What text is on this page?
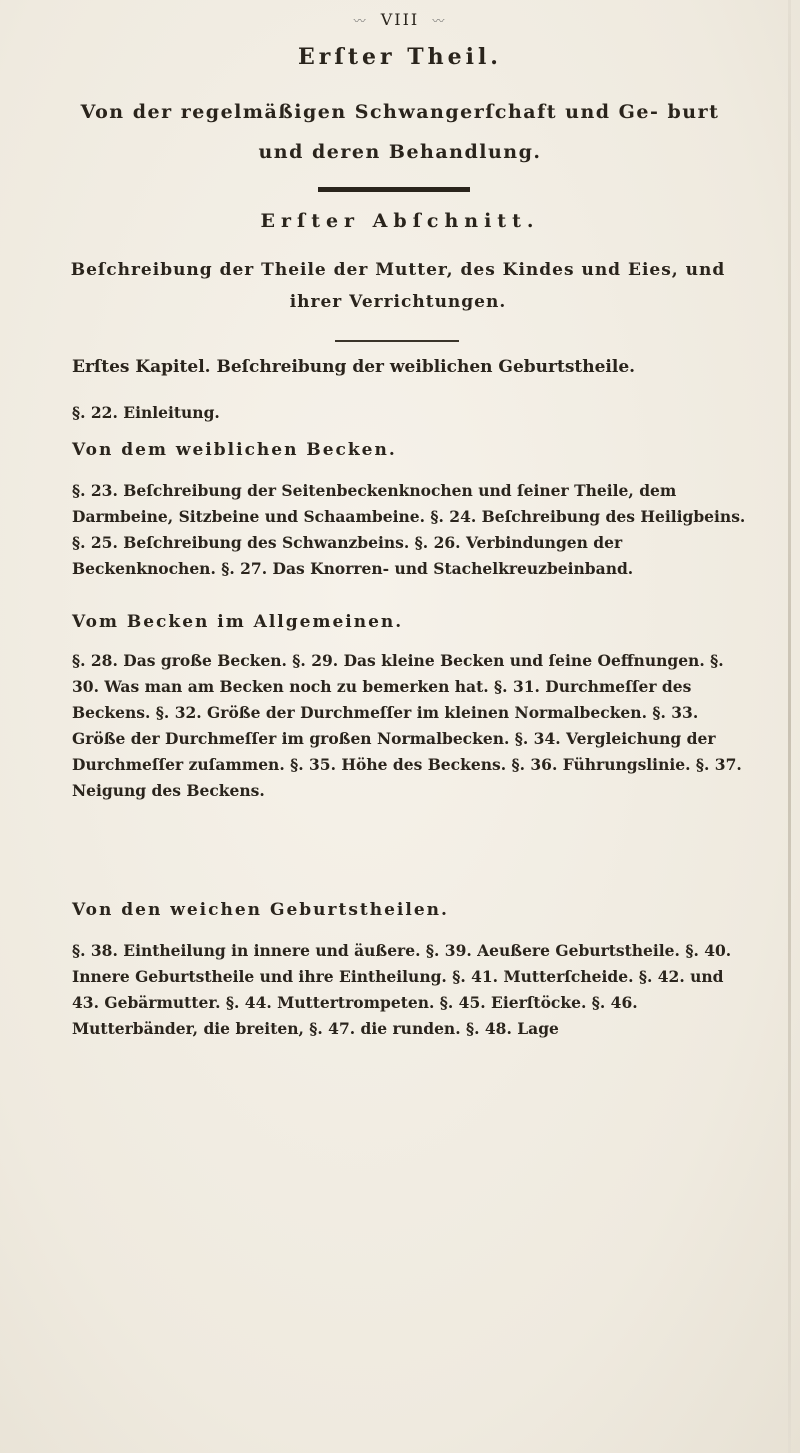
〰 VIII 〰
Erſter Theil.
Von der regelmäßigen Schwangerſchaft und Ge- burt und deren Behandlung.
Erſter Abſchnitt.
Beſchreibung der Theile der Mutter, des Kindes und Eies, und ihrer Verrichtungen.
Erſtes Kapitel. Beſchreibung der weiblichen Geburtstheile.
§. 22. Einleitung.
Von dem weiblichen Becken.
§. 23. Beſchreibung der Seitenbeckenknochen und ſeiner Theile, dem Darmbeine, Sitzbeine und Schaambeine. §. 24. Beſchreibung des Heiligbeins. §. 25. Beſchreibung des Schwanzbeins. §. 26. Verbindungen der Beckenknochen. §. 27. Das Knorren- und Stachelkreuzbeinband.
Vom Becken im Allgemeinen.
§. 28. Das große Becken. §. 29. Das kleine Becken und ſeine Oeffnungen. §. 30. Was man am Becken noch zu bemerken hat. §. 31. Durchmeſſer des Beckens. §. 32. Größe der Durchmeſſer im kleinen Normalbecken. §. 33. Größe der Durchmeſſer im großen Normalbecken. §. 34. Vergleichung der Durchmeſſer zuſammen. §. 35. Höhe des Beckens. §. 36. Führungslinie. §. 37. Neigung des Beckens.
Von den weichen Geburtstheilen.
§. 38. Eintheilung in innere und äußere. §. 39. Aeußere Geburtstheile. §. 40. Innere Geburtstheile und ihre Eintheilung. §. 41. Mutterſcheide. §. 42. und 43. Gebärmutter. §. 44. Muttertrompeten. §. 45. Eierſtöcke. §. 46. Mutterbänder, die breiten, §. 47. die runden. §. 48. Lage
